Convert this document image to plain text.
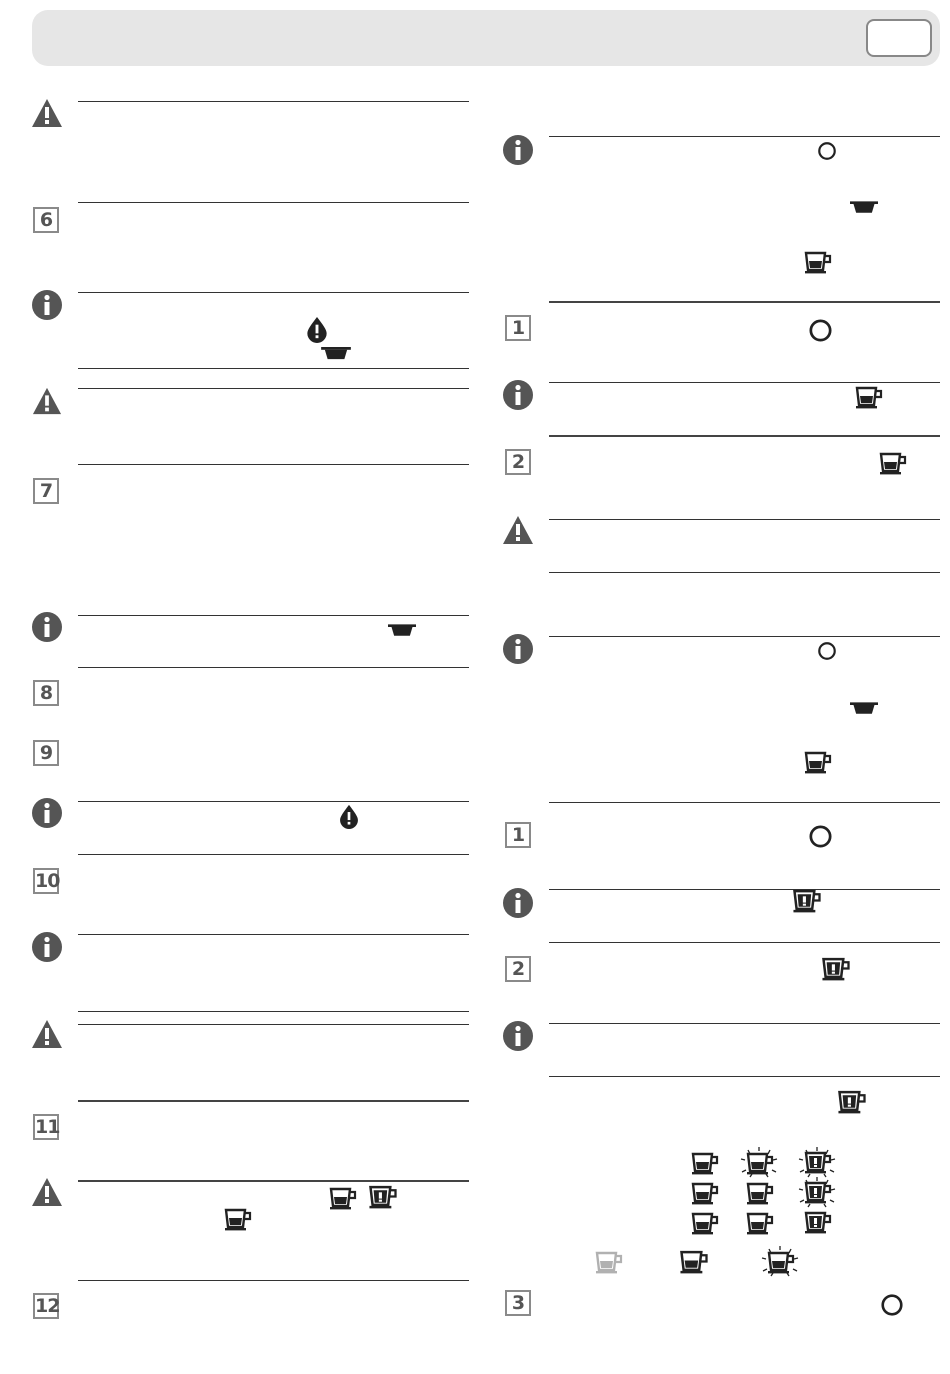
6
7
8
9
10
11
12
1
2
1
2
3
